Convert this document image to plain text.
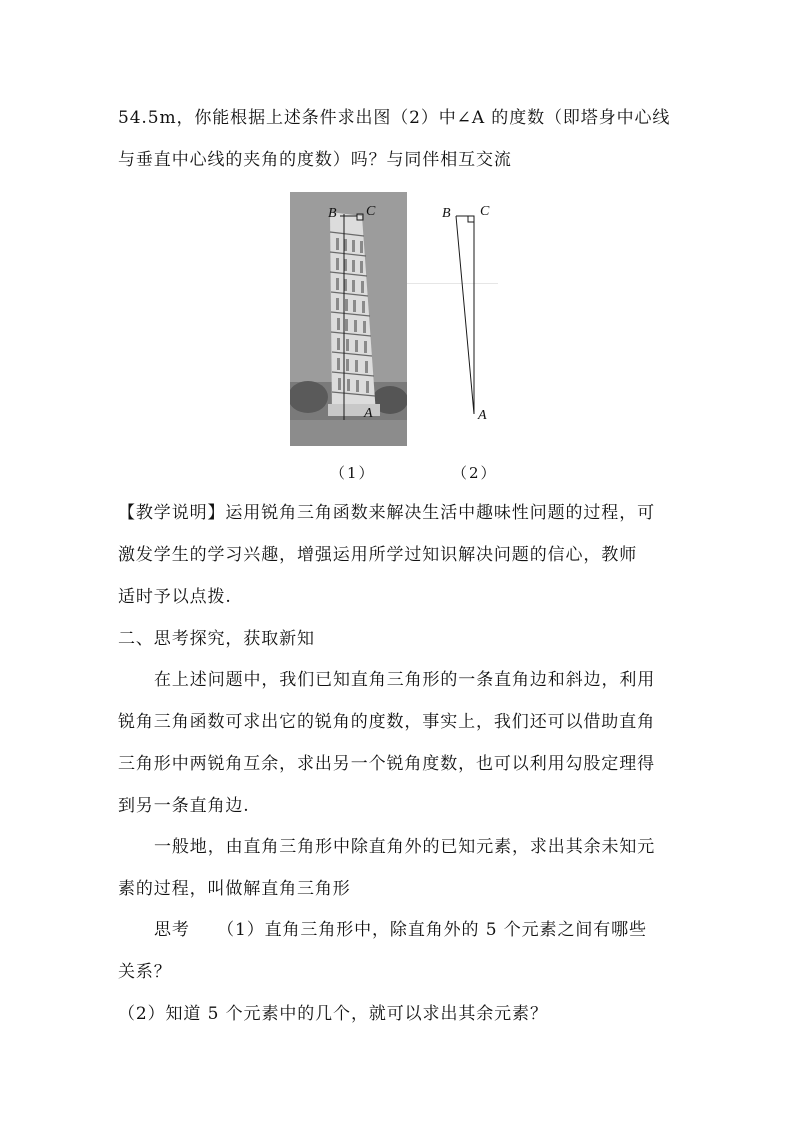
54.5m，你能根据上述条件求出图（2）中∠A 的度数（即塔身中心线
与垂直中心线的夹角的度数）吗？与同伴相互交流
B C
A
B C
A
（1）	（2）
【教学说明】运用锐角三角函数来解决生活中趣味性问题的过程，可
激发学生的学习兴趣，增强运用所学过知识解决问题的信心，教师
适时予以点拨.
二、思考探究，获取新知
在上述问题中，我们已知直角三角形的一条直角边和斜边，利用
锐角三角函数可求出它的锐角的度数，事实上，我们还可以借助直角
三角形中两锐角互余，求出另一个锐角度数，也可以利用勾股定理得
到另一条直角边.
一般地，由直角三角形中除直角外的已知元素，求出其余未知元
素的过程，叫做解直角三角形
思考　　（1）直角三角形中，除直角外的 5 个元素之间有哪些
关系？
（2）知道 5 个元素中的几个，就可以求出其余元素？
